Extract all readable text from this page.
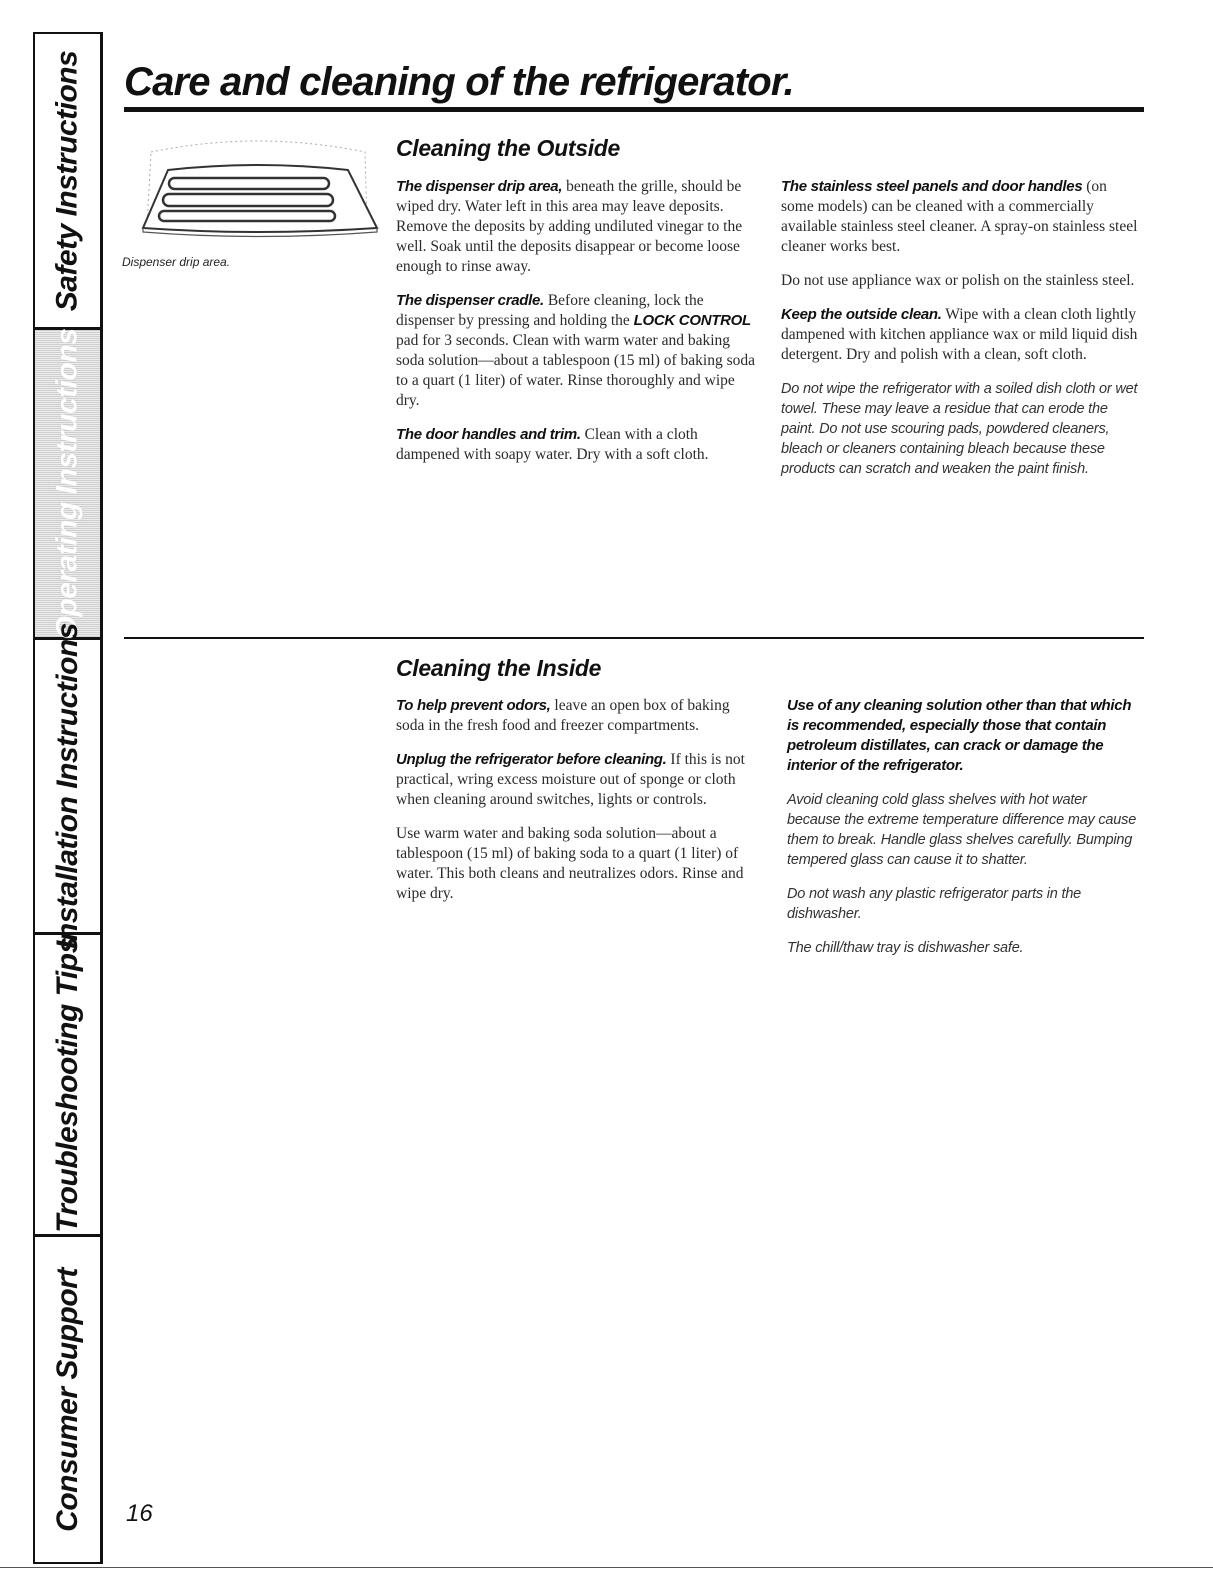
Safety Instructions
Operating Instructions
Installation Instructions
Troubleshooting Tips
Consumer Support
Care and cleaning of the refrigerator.
Dispenser drip area.
Cleaning the Outside

The dispenser drip area, beneath the grille, should be wiped dry. Water left in this area may leave deposits. Remove the deposits by adding undiluted vinegar to the well. Soak until the deposits disappear or become loose enough to rinse away.

The dispenser cradle. Before cleaning, lock the dispenser by pressing and holding the LOCK CONTROL pad for 3 seconds. Clean with warm water and baking soda solution—about a tablespoon (15 ml) of baking soda to a quart (1 liter) of water. Rinse thoroughly and wipe dry.

The door handles and trim. Clean with a cloth dampened with soapy water. Dry with a soft cloth.

The stainless steel panels and door handles (on some models) can be cleaned with a commercially available stainless steel cleaner. A spray-on stainless steel cleaner works best.

Do not use appliance wax or polish on the stainless steel.

Keep the outside clean. Wipe with a clean cloth lightly dampened with kitchen appliance wax or mild liquid dish detergent. Dry and polish with a clean, soft cloth.

Do not wipe the refrigerator with a soiled dish cloth or wet towel. These may leave a residue that can erode the paint. Do not use scouring pads, powdered cleaners, bleach or cleaners containing bleach because these products can scratch and weaken the paint finish.

Cleaning the Inside

To help prevent odors, leave an open box of baking soda in the fresh food and freezer compartments.

Unplug the refrigerator before cleaning. If this is not practical, wring excess moisture out of sponge or cloth when cleaning around switches, lights or controls.

Use warm water and baking soda solution—about a tablespoon (15 ml) of baking soda to a quart (1 liter) of water. This both cleans and neutralizes odors. Rinse and wipe dry.

Use of any cleaning solution other than that which is recommended, especially those that contain petroleum distillates, can crack or damage the interior of the refrigerator.

Avoid cleaning cold glass shelves with hot water because the extreme temperature difference may cause them to break. Handle glass shelves carefully. Bumping tempered glass can cause it to shatter.

Do not wash any plastic refrigerator parts in the dishwasher.

The chill/thaw tray is dishwasher safe.

16
